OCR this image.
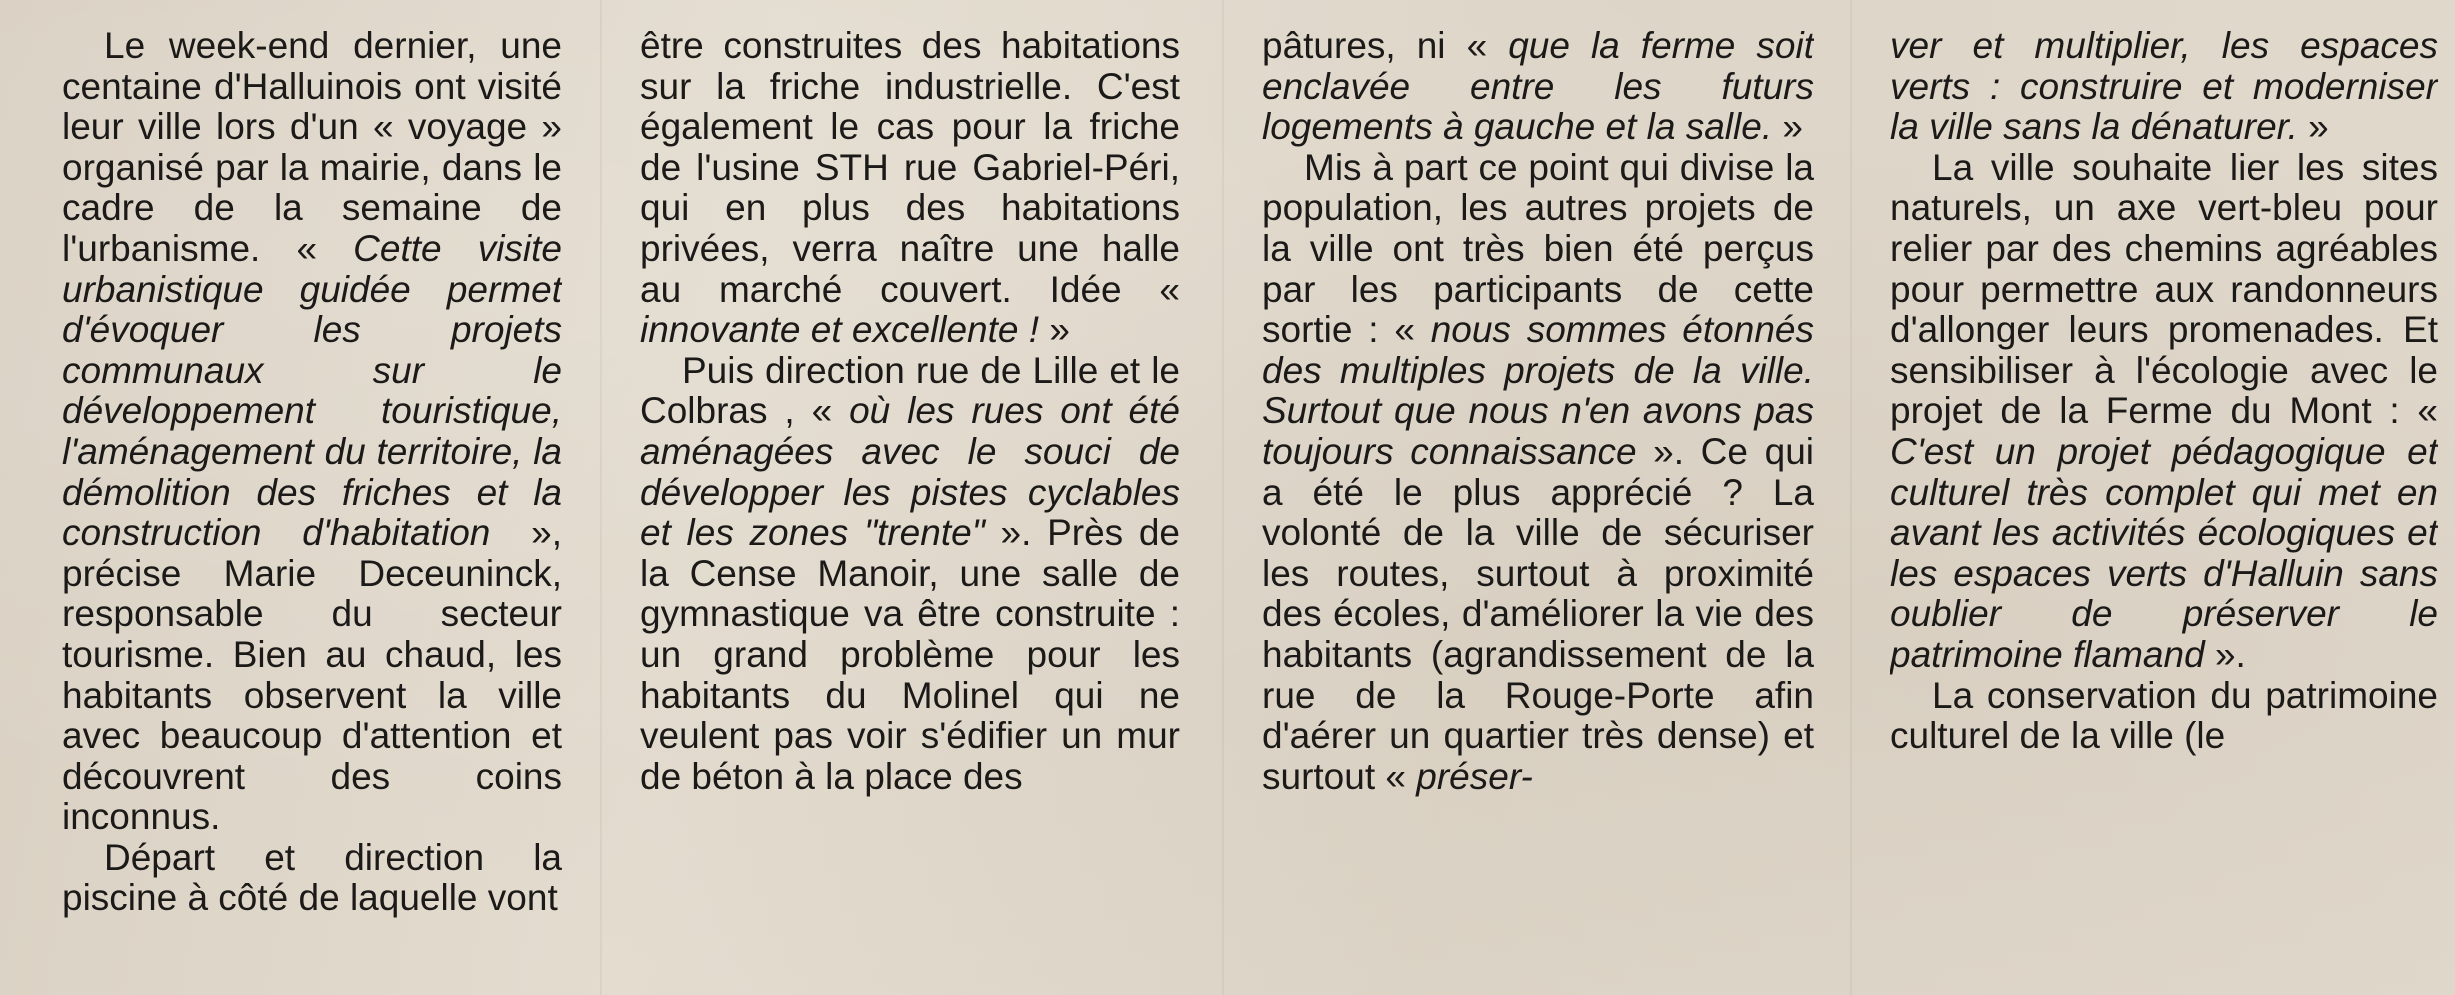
Le week-end dernier, une centaine d'Halluinois ont visité leur ville lors d'un « voyage » organisé par la mairie, dans le cadre de la semaine de l'urbanisme. « Cette visite urbanistique guidée permet d'évoquer les projets communaux sur le développement touristique, l'aménagement du territoire, la démolition des friches et la construction d'habitation », précise Marie Deceuninck, responsable du secteur tourisme. Bien au chaud, les habitants observent la ville avec beaucoup d'attention et découvrent des coins inconnus.

Départ et direction la piscine à côté de laquelle vont

être construites des habitations sur la friche industrielle. C'est également le cas pour la friche de l'usine STH rue Gabriel-Péri, qui en plus des habitations privées, verra naître une halle au marché couvert. Idée « innovante et excellente ! »

Puis direction rue de Lille et le Colbras , « où les rues ont été aménagées avec le souci de développer les pistes cyclables et les zones "trente" ». Près de la Cense Manoir, une salle de gymnastique va être construite : un grand problème pour les habitants du Molinel qui ne veulent pas voir s'édifier un mur de béton à la place des

pâtures, ni « que la ferme soit enclavée entre les futurs logements à gauche et la salle. »

Mis à part ce point qui divise la population, les autres projets de la ville ont très bien été perçus par les participants de cette sortie : « nous sommes étonnés des multiples projets de la ville. Surtout que nous n'en avons pas toujours connaissance ». Ce qui a été le plus apprécié ? La volonté de la ville de sécuriser les routes, surtout à proximité des écoles, d'améliorer la vie des habitants (agrandissement de la rue de la Rouge-Porte afin d'aérer un quartier très dense) et surtout « préser-

ver et multiplier, les espaces verts : construire et moderniser la ville sans la dénaturer. »

La ville souhaite lier les sites naturels, un axe vert-bleu pour relier par des chemins agréables pour permettre aux randonneurs d'allonger leurs promenades. Et sensibiliser à l'écologie avec le projet de la Ferme du Mont : « C'est un projet pédagogique et culturel très complet qui met en avant les activités écologiques et les espaces verts d'Halluin sans oublier de préserver le patrimoine flamand ».

La conservation du patrimoine culturel de la ville (le
